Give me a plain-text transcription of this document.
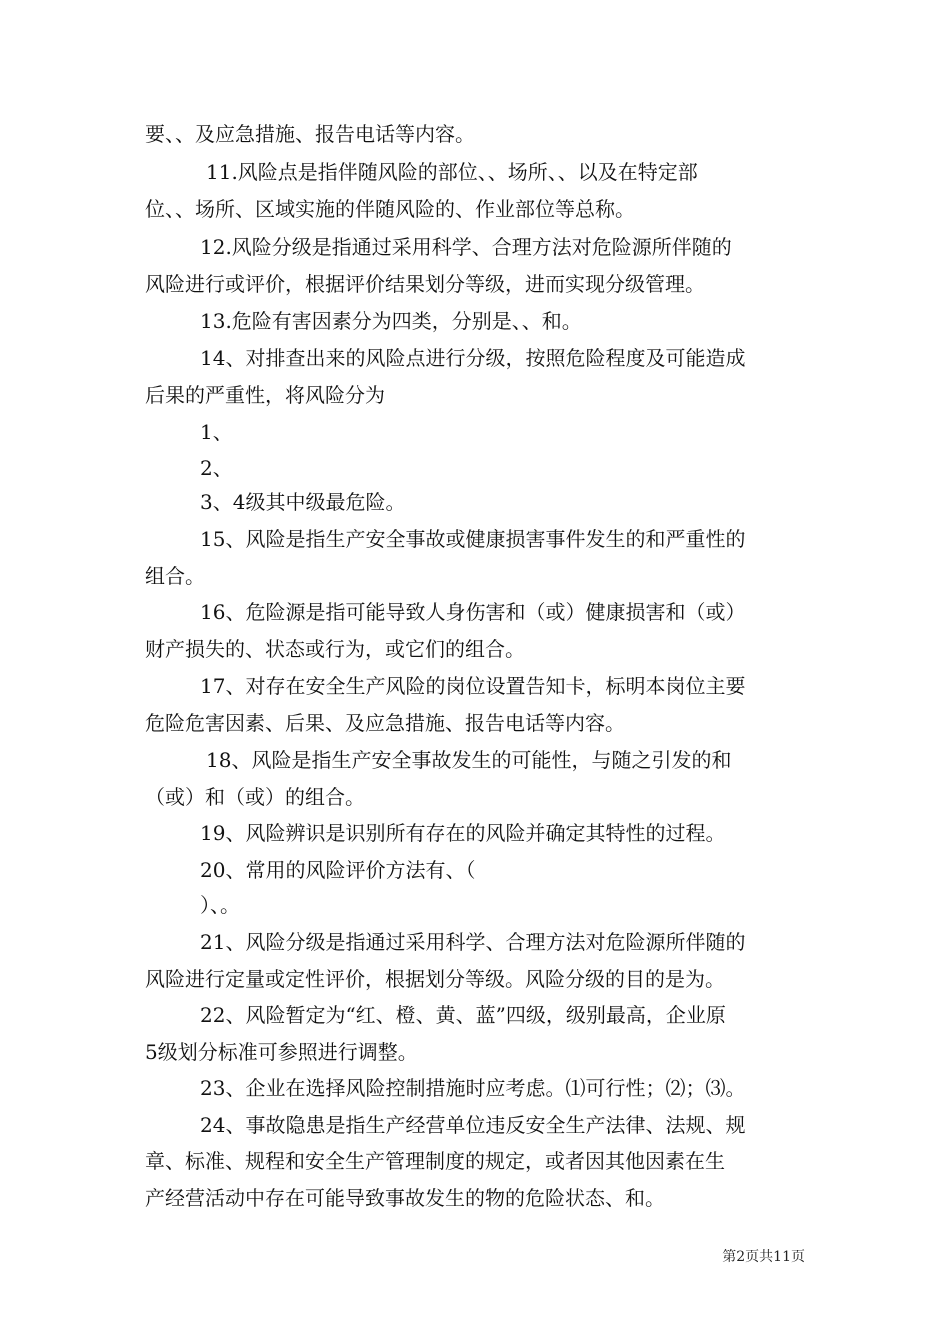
要、、及应急措施、报告电话等内容。
11.风险点是指伴随风险的部位、、场所、、以及在特定部
位、、场所、区域实施的伴随风险的、作业部位等总称。
12.风险分级是指通过采用科学、合理方法对危险源所伴随的
风险进行或评价，根据评价结果划分等级，进而实现分级管理。
13.危险有害因素分为四类，分别是、、和。
14、对排查出来的风险点进行分级，按照危险程度及可能造成
后果的严重性，将风险分为
1、
2、
3、4级其中级最危险。
15、风险是指生产安全事故或健康损害事件发生的和严重性的
组合。
16、危险源是指可能导致人身伤害和（或）健康损害和（或）
财产损失的、状态或行为，或它们的组合。
17、对存在安全生产风险的岗位设置告知卡，标明本岗位主要
危险危害因素、后果、及应急措施、报告电话等内容。
18、风险是指生产安全事故发生的可能性，与随之引发的和
（或）和（或）的组合。
19、风险辨识是识别所有存在的风险并确定其特性的过程。
20、常用的风险评价方法有、（
）、。
21、风险分级是指通过采用科学、合理方法对危险源所伴随的
风险进行定量或定性评价，根据划分等级。风险分级的目的是为。
22、风险暂定为“红、橙、黄、蓝”四级，级别最高，企业原
5级划分标准可参照进行调整。
23、企业在选择风险控制措施时应考虑。⑴可行性；⑵；⑶。
24、事故隐患是指生产经营单位违反安全生产法律、法规、规
章、标准、规程和安全生产管理制度的规定，或者因其他因素在生
产经营活动中存在可能导致事故发生的物的危险状态、和。
第2页共11页
